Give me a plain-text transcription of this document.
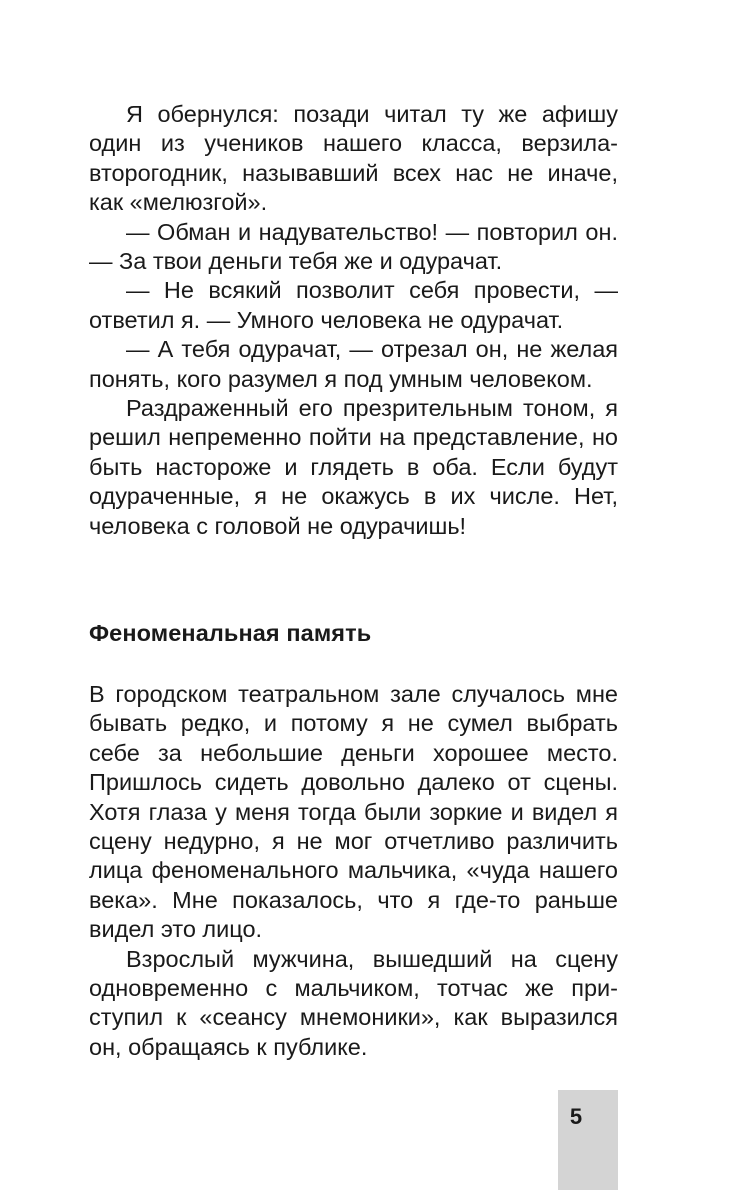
Я обернулся: позади читал ту же афишу один из учеников нашего класса, верзила-второгодник, называвший всех нас не иначе, как «мелюзгой».

— Обман и надувательство! — повторил он. — За твои деньги тебя же и одурачат.

— Не всякий позволит себя провести, — ответил я. — Умного человека не одурачат.

— А тебя одурачат, — отрезал он, не желая понять, кого разумел я под умным человеком.

Раздраженный его презрительным тоном, я решил непременно пойти на представление, но быть настороже и глядеть в оба. Если будут одураченные, я не окажусь в их числе. Нет, человека с головой не одурачишь!

Феноменальная память

В городском театральном зале случалось мне бывать редко, и потому я не сумел выбрать себе за небольшие деньги хорошее место. Пришлось сидеть довольно далеко от сцены. Хотя глаза у меня тогда были зоркие и видел я сцену недурно, я не мог отчетливо различить лица феноменального мальчика, «чуда нашего века». Мне показалось, что я где-то раньше видел это лицо.

Взрослый мужчина, вышедший на сцену одновременно с мальчиком, тотчас же приступил к «сеансу мнемоники», как выразился он, обращаясь к публике.

5
